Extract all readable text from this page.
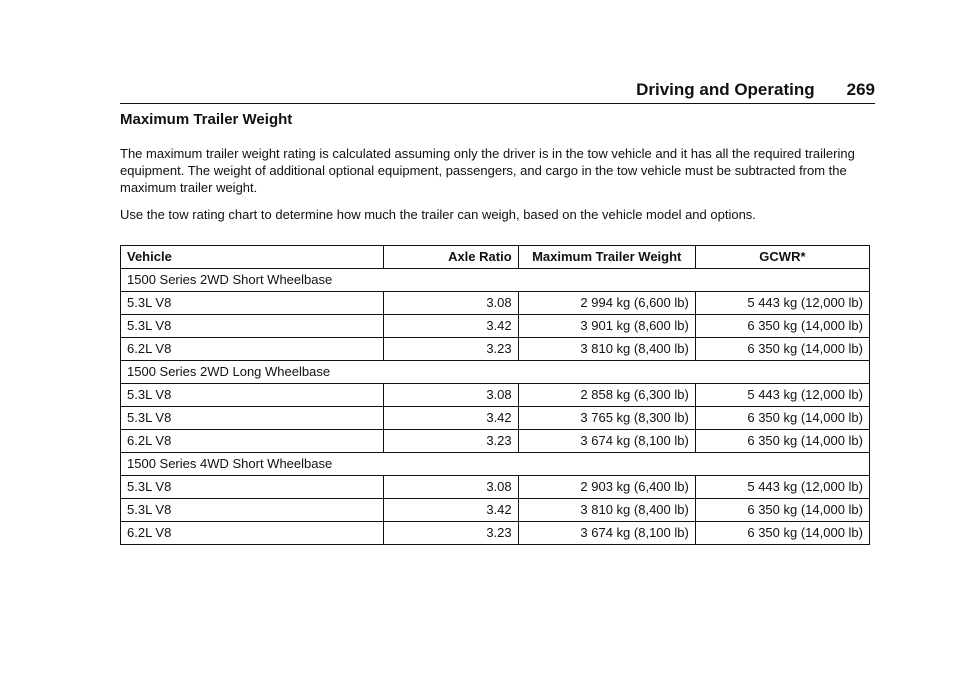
Driving and Operating 269
Maximum Trailer Weight

The maximum trailer weight rating is calculated assuming only the driver is in the tow vehicle and it has all the required trailering equipment. The weight of additional optional equipment, passengers, and cargo in the tow vehicle must be subtracted from the maximum trailer weight.

Use the tow rating chart to determine how much the trailer can weigh, based on the vehicle model and options.

Vehicle	Axle Ratio	Maximum Trailer Weight	GCWR*
1500 Series 2WD Short Wheelbase			
5.3L V8	3.08	2 994 kg (6,600 lb)	5 443 kg (12,000 lb)
5.3L V8	3.42	3 901 kg (8,600 lb)	6 350 kg (14,000 lb)
6.2L V8	3.23	3 810 kg (8,400 lb)	6 350 kg (14,000 lb)
1500 Series 2WD Long Wheelbase			
5.3L V8	3.08	2 858 kg (6,300 lb)	5 443 kg (12,000 lb)
5.3L V8	3.42	3 765 kg (8,300 lb)	6 350 kg (14,000 lb)
6.2L V8	3.23	3 674 kg (8,100 lb)	6 350 kg (14,000 lb)
1500 Series 4WD Short Wheelbase			
5.3L V8	3.08	2 903 kg (6,400 lb)	5 443 kg (12,000 lb)
5.3L V8	3.42	3 810 kg (8,400 lb)	6 350 kg (14,000 lb)
6.2L V8	3.23	3 674 kg (8,100 lb)	6 350 kg (14,000 lb)
